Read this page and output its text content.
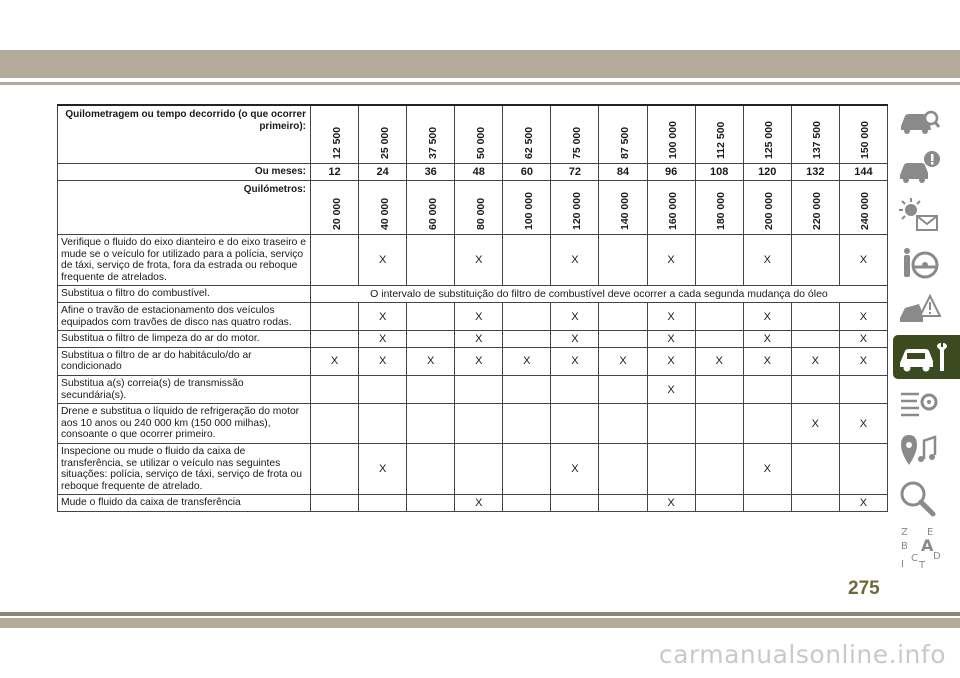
Quilometragem ou tempo decorrido (o que ocorrer primeiro):	12 500	25 000	37 500	50 000	62 500	75 000	87 500	100 000	112 500	125 000	137 500	150 000

Ou meses:	12	24	36	48	60	72	84	96	108	120	132	144
Quilómetros:	20 000	40 000	60 000	80 000	100 000	120 000	140 000	160 000	180 000	200 000	220 000	240 000

Verifique o fluido do eixo dianteiro e do eixo traseiro e mude se o veículo for utilizado para a polícia, serviço de táxi, serviço de frota, fora da estrada ou reboque frequente de atrelados.		X		X		X		X		X		X
Substitua o filtro do combustível.	O intervalo de substituição do filtro de combustível deve ocorrer a cada segunda mudança do óleo											
Afine o travão de estacionamento dos veículos equipados com travões de disco nas quatro rodas.		X		X		X		X		X		X
Substitua o filtro de limpeza do ar do motor.		X		X		X		X		X		X
Substitua o filtro de ar do habitáculo/do ar condicionado	X	X	X	X	X	X	X	X	X	X	X	X
Substitua a(s) correia(s) de transmissão secundária(s).								X				
Drene e substitua o líquido de refrigeração do motor aos 10 anos ou 240 000 km (150 000 milhas), consoante o que ocorrer primeiro.											X	X
Inspecione ou mude o fluido da caixa de transferência, se utilizar o veículo nas seguintes situações: polícia, serviço de táxi, serviço de frota ou reboque frequente de atrelado.		X				X				X		
Mude o fluido da caixa de transferência				X				X				X
Z E
B A
C D
I T
275
carmanualsonline.info
